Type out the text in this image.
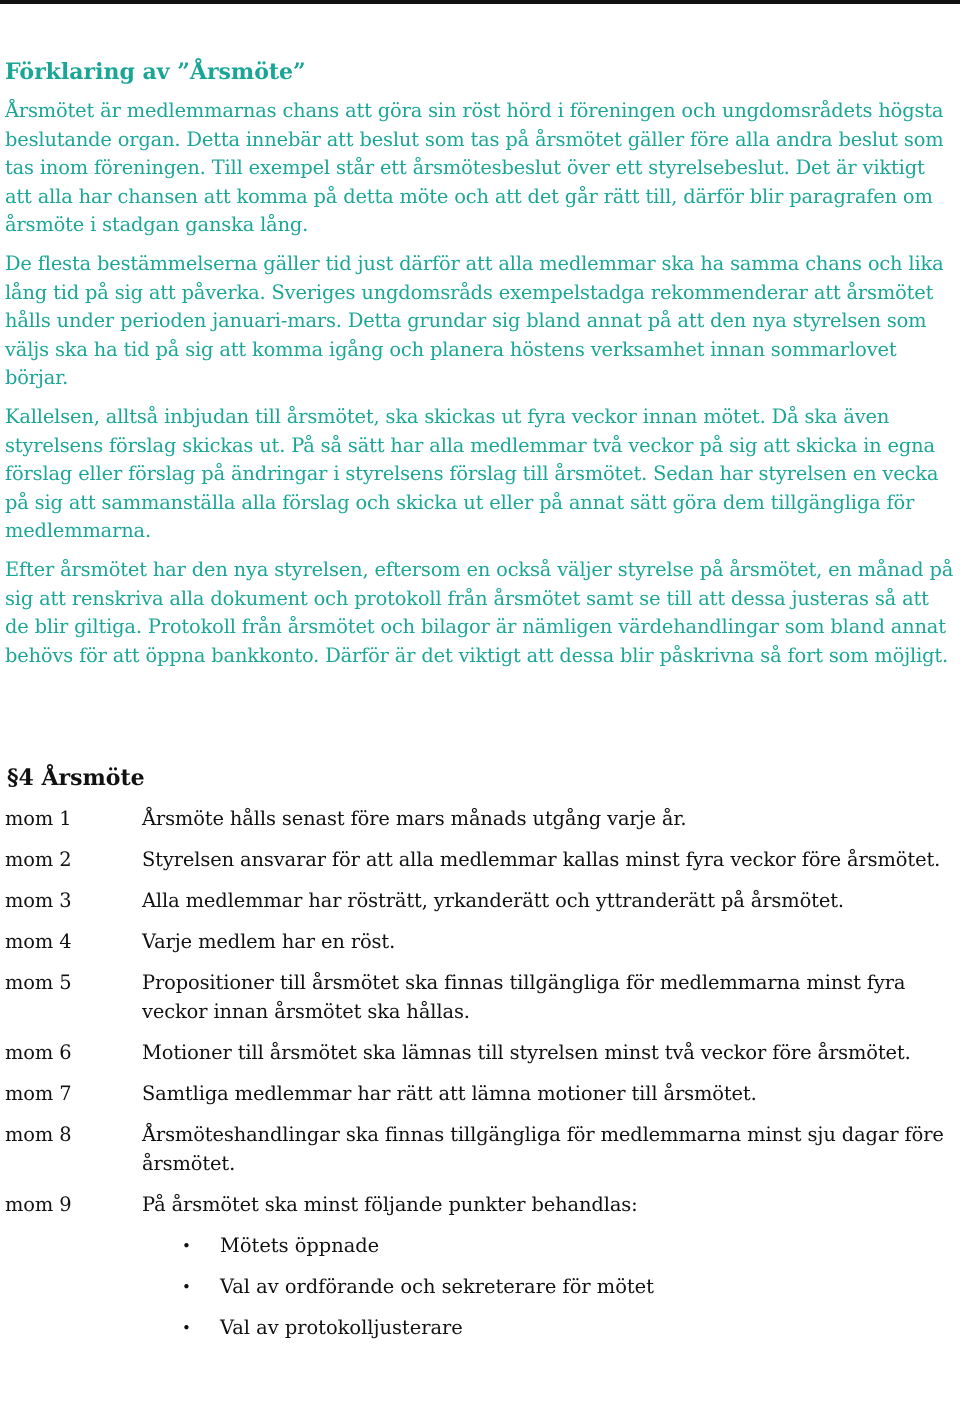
Förklaring av ”Årsmöte”

Årsmötet är medlemmarnas chans att göra sin röst hörd i föreningen och ungdomsrådets högsta beslutande organ. Detta innebär att beslut som tas på årsmötet gäller före alla andra beslut som tas inom föreningen. Till exempel står ett årsmötesbeslut över ett styrelsebeslut. Det är viktigt att alla har chansen att komma på detta möte och att det går rätt till, därför blir paragrafen om årsmöte i stadgan ganska lång.

De flesta bestämmelserna gäller tid just därför att alla medlemmar ska ha samma chans och lika lång tid på sig att påverka. Sveriges ungdomsråds exempelstadga rekommenderar att årsmötet hålls under perioden januari-mars. Detta grundar sig bland annat på att den nya styrelsen som väljs ska ha tid på sig att komma igång och planera höstens verksamhet innan sommarlovet börjar.

Kallelsen, alltså inbjudan till årsmötet, ska skickas ut fyra veckor innan mötet. Då ska även styrelsens förslag skickas ut. På så sätt har alla medlemmar två veckor på sig att skicka in egna förslag eller förslag på ändringar i styrelsens förslag till årsmötet. Sedan har styrelsen en vecka på sig att sammanställa alla förslag och skicka ut eller på annat sätt göra dem tillgängliga för medlemmarna.

Efter årsmötet har den nya styrelsen, eftersom en också väljer styrelse på årsmötet, en månad på sig att renskriva alla dokument och protokoll från årsmötet samt se till att dessa justeras så att de blir giltiga. Protokoll från årsmötet och bilagor är nämligen värdehandlingar som bland annat behövs för att öppna bankkonto. Därför är det viktigt att dessa blir påskrivna så fort som möjligt.

§4 Årsmöte
mom 1	Årsmöte hålls senast före mars månads utgång varje år.
mom 2	Styrelsen ansvarar för att alla medlemmar kallas minst fyra veckor före årsmötet.
mom 3	Alla medlemmar har rösträtt, yrkanderätt och yttranderätt på årsmötet.
mom 4	Varje medlem har en röst.
mom 5	Propositioner till årsmötet ska finnas tillgängliga för medlemmarna minst fyra veckor innan årsmötet ska hållas.
mom 6	Motioner till årsmötet ska lämnas till styrelsen minst två veckor före årsmötet.
mom 7	Samtliga medlemmar har rätt att lämna motioner till årsmötet.
mom 8	Årsmöteshandlingar ska finnas tillgängliga för medlemmarna minst sju dagar före årsmötet.
mom 9	På årsmötet ska minst följande punkter behandlas:
•	Mötets öppnade
•	Val av ordförande och sekreterare för mötet
•	Val av protokolljusterare
